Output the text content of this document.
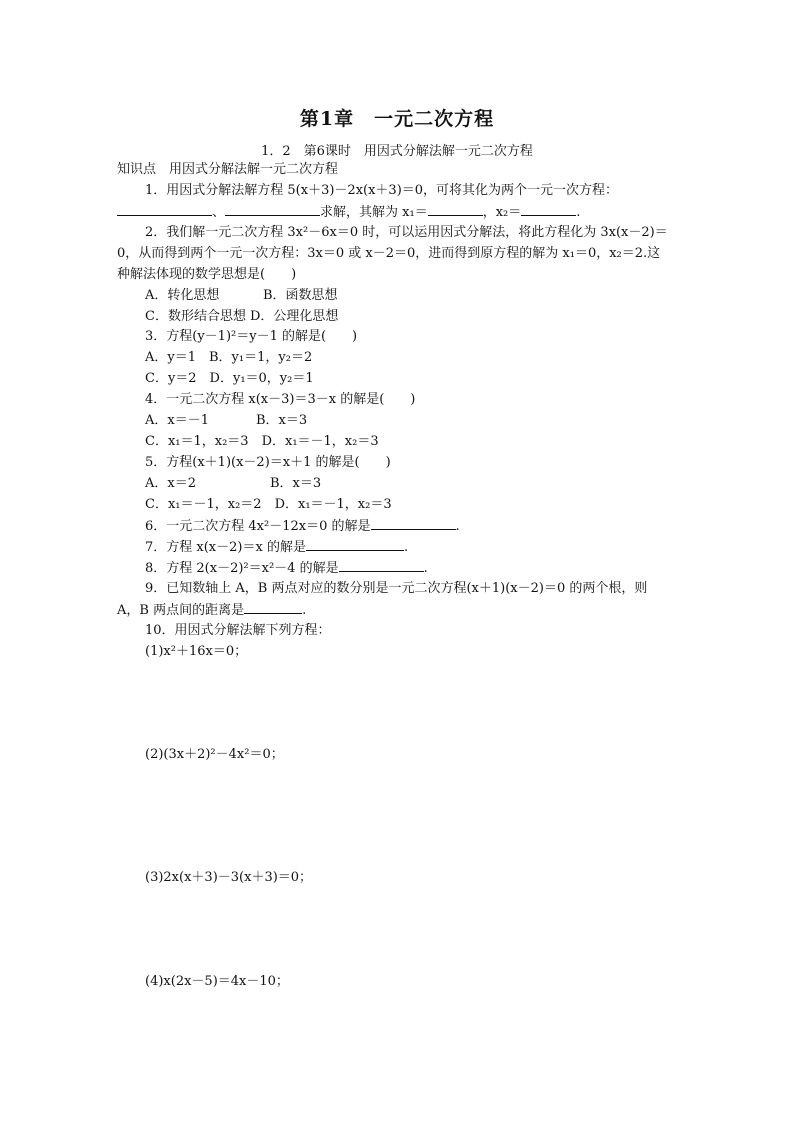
第1章　一元二次方程
1．2　第6课时　用因式分解法解一元二次方程
知识点　用因式分解法解一元二次方程
1．用因式分解法解方程 5(x＋3)－2x(x＋3)＝0，可将其化为两个一元一次方程：
、	求解，其解为 x₁＝	，x₂＝	.
2．我们解一元二次方程 3x²－6x＝0 时，可以运用因式分解法，将此方程化为 3x(x－2)＝
0，从而得到两个一元一次方程：3x＝0 或 x－2＝0，进而得到原方程的解为 x₁＝0，x₂＝2.这
种解法体现的数学思想是(　　)
A．转化思想	B．函数思想
C．数形结合思想 D．公理化思想
3．方程(y－1)²＝y－1 的解是(　　)
A．y＝1　B．y₁＝1，y₂＝2
C．y＝2　D．y₁＝0，y₂＝1
4．一元二次方程 x(x－3)＝3－x 的解是(　　)
A．x＝－1	B．x＝3
C．x₁＝1，x₂＝3　D．x₁＝－1，x₂＝3
5．方程(x＋1)(x－2)＝x＋1 的解是(　　)
A．x＝2	B．x＝3
C．x₁＝－1，x₂＝2　D．x₁＝－1，x₂＝3
6．一元二次方程 4x²－12x＝0 的解是	.
7．方程 x(x－2)＝x 的解是	.
8．方程 2(x－2)²＝x²－4 的解是	.
9．已知数轴上 A，B 两点对应的数分别是一元二次方程(x＋1)(x－2)＝0 的两个根，则
A，B 两点间的距离是	.
10．用因式分解法解下列方程：
(1)x²＋16x＝0；
(2)(3x＋2)²－4x²＝0；
(3)2x(x＋3)－3(x＋3)＝0；
(4)x(2x－5)＝4x－10；
